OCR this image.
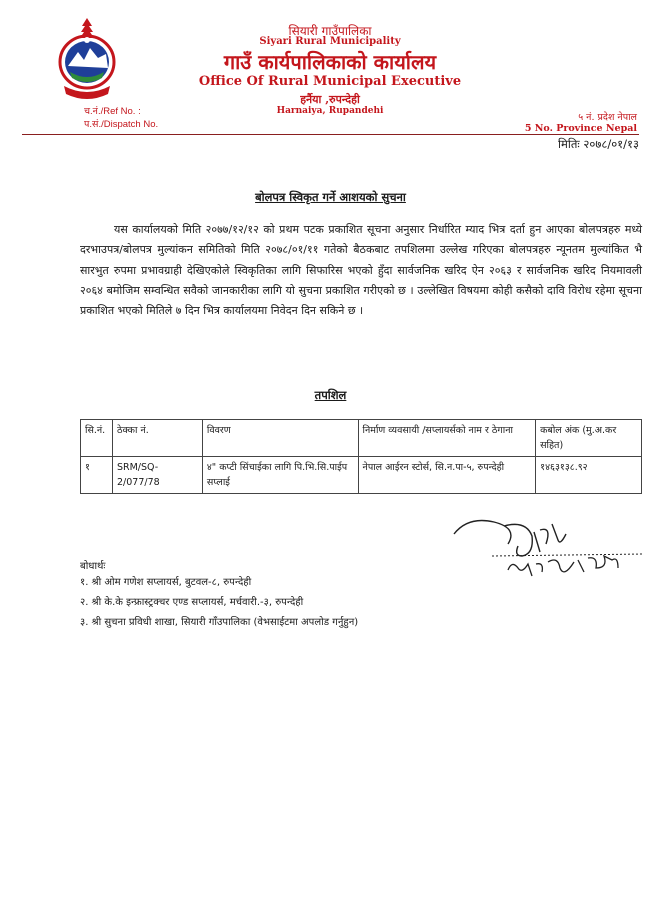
सियारी गाउँपालिका
Siyari Rural Municipality
गाउँ कार्यपालिकाको कार्यालय
Office Of Rural Municipal Executive
हर्नैया ,रुपन्देही
Harnaiya, Rupandehi
च.नं./Ref No. :
प.सं./Dispatch No.
५ नं. प्रदेश नेपाल
5 No. Province Nepal
मितिः २०७८/०१/१३
बोलपत्र स्विकृत गर्ने आशयको सुचना

यस कार्यालयको मिति २०७७/१२/१२ को प्रथम पटक प्रकाशित सूचना अनुसार निर्धारित म्याद भित्र दर्ता हुन आएका बोलपत्रहरु मध्ये दरभाउपत्र/बोलपत्र मुल्यांकन समितिको मिति २०७८/०१/११ गतेको बैठकबाट तपशिलमा उल्लेख गरिएका बोलपत्रहरु न्यूनतम मुल्यांकित भै सारभुत रुपमा प्रभावग्राही देखिएकोले स्विकृतिका लागि सिफारिस भएको हुँदा सार्वजनिक खरिद ऐन २०६३ र सार्वजनिक खरिद नियमावली २०६४ बमोजिम सम्वन्धित सवैको जानकारीका लागि यो सुचना प्रकाशित गरीएको छ । उल्लेखित विषयमा कोही कसैको दावि विरोध रहेमा सूचना प्रकाशित भएको मितिले ७ दिन भित्र कार्यालयमा निवेदन दिन सकिने छ ।

तपशिल
सि.नं.	ठेक्का नं.	विवरण	निर्माण व्यवसायी /सप्लायर्सको नाम र ठेगाना	कबोल अंक (मु.अ.कर सहित)
१	SRM/SQ-2/077/78	४" कप्टी सिंचाईका लागि पि.भि.सि.पाईप सप्लाई	नेपाल आईरन स्टोर्स, सि.न.पा-५, रुपन्देही	१४६३१३८.९२
बोधार्थः
१. श्री ओम गणेश सप्लायर्स, बुटवल-८, रुपन्देही
२. श्री के.के इन्फ्रास्ट्रक्चर एण्ड सप्लायर्स, मर्चवारी.-३, रुपन्देही
३. श्री सुचना प्रविधी शाखा, सियारी गाँउपालिका (वेभसाईटमा अपलोड गर्नुहुन)
